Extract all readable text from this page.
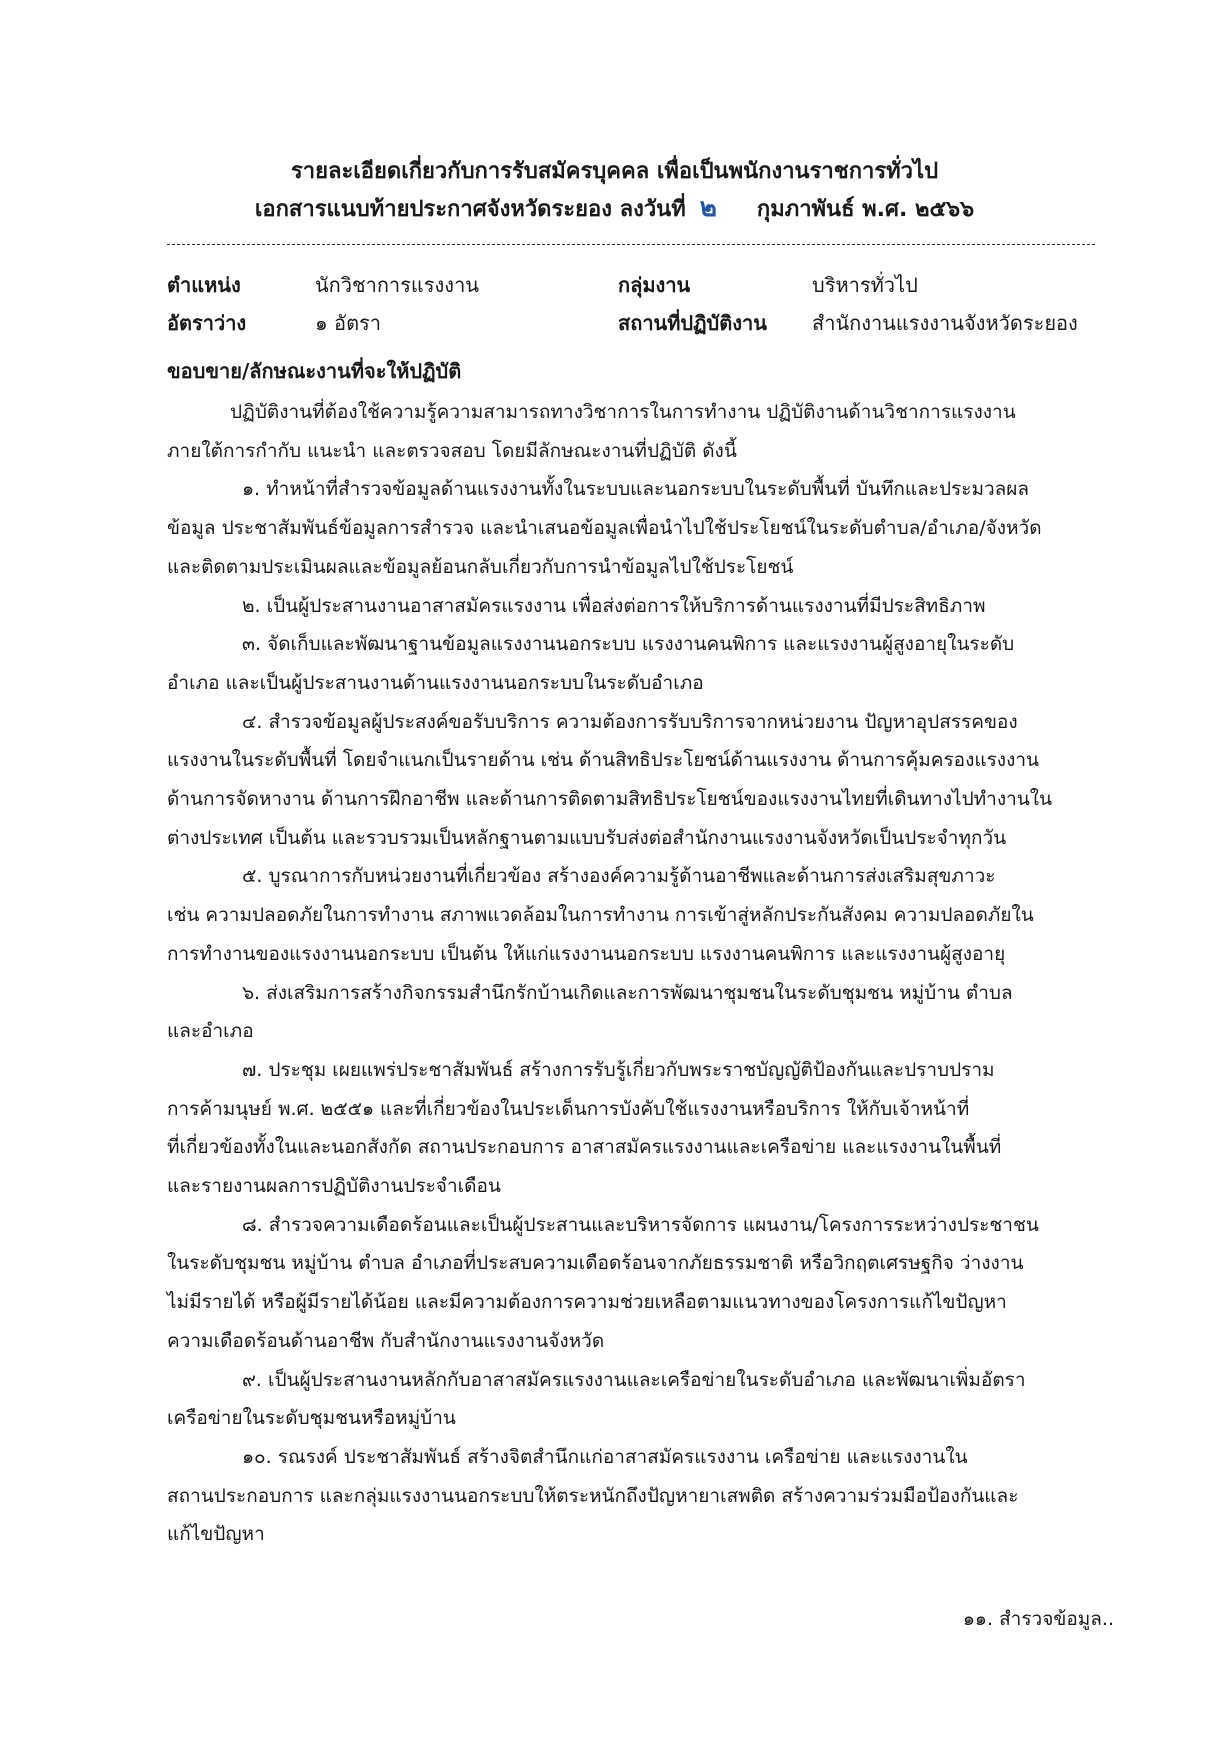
รายละเอียดเกี่ยวกับการรับสมัครบุคคล เพื่อเป็นพนักงานราชการทั่วไป
เอกสารแนบท้ายประกาศจังหวัดระยอง ลงวันที่ ๒ กุมภาพันธ์ พ.ศ. ๒๕๖๖
ตำแหน่ง	นักวิชาการแรงงาน	กลุ่มงาน	บริหารทั่วไป
อัตราว่าง	๑ อัตรา	สถานที่ปฏิบัติงาน สำนักงานแรงงานจังหวัดระยอง
ขอบขาย/ลักษณะงานที่จะให้ปฏิบัติ

ปฏิบัติงานที่ต้องใช้ความรู้ความสามารถทางวิชาการในการทำงาน ปฏิบัติงานด้านวิชาการแรงงาน

ภายใต้การกำกับ แนะนำ และตรวจสอบ โดยมีลักษณะงานที่ปฏิบัติ ดังนี้

๑. ทำหน้าที่สำรวจข้อมูลด้านแรงงานทั้งในระบบและนอกระบบในระดับพื้นที่ บันทึกและประมวลผล

ข้อมูล ประชาสัมพันธ์ข้อมูลการสำรวจ และนำเสนอข้อมูลเพื่อนำไปใช้ประโยชน์ในระดับตำบล/อำเภอ/จังหวัด

และติดตามประเมินผลและข้อมูลย้อนกลับเกี่ยวกับการนำข้อมูลไปใช้ประโยชน์

๒. เป็นผู้ประสานงานอาสาสมัครแรงงาน เพื่อส่งต่อการให้บริการด้านแรงงานที่มีประสิทธิภาพ

๓. จัดเก็บและพัฒนาฐานข้อมูลแรงงานนอกระบบ แรงงานคนพิการ และแรงงานผู้สูงอายุในระดับ

อำเภอ และเป็นผู้ประสานงานด้านแรงงานนอกระบบในระดับอำเภอ

๔. สำรวจข้อมูลผู้ประสงค์ขอรับบริการ ความต้องการรับบริการจากหน่วยงาน ปัญหาอุปสรรคของ

แรงงานในระดับพื้นที่ โดยจำแนกเป็นรายด้าน เช่น ด้านสิทธิประโยชน์ด้านแรงงาน ด้านการคุ้มครองแรงงาน

ด้านการจัดหางาน ด้านการฝึกอาชีพ และด้านการติดตามสิทธิประโยชน์ของแรงงานไทยที่เดินทางไปทำงานใน

ต่างประเทศ เป็นต้น และรวบรวมเป็นหลักฐานตามแบบรับส่งต่อสำนักงานแรงงานจังหวัดเป็นประจำทุกวัน

๕. บูรณาการกับหน่วยงานที่เกี่ยวข้อง สร้างองค์ความรู้ด้านอาชีพและด้านการส่งเสริมสุขภาวะ

เช่น ความปลอดภัยในการทำงาน สภาพแวดล้อมในการทำงาน การเข้าสู่หลักประกันสังคม ความปลอดภัยใน

การทำงานของแรงงานนอกระบบ เป็นต้น ให้แก่แรงงานนอกระบบ แรงงานคนพิการ และแรงงานผู้สูงอายุ

๖. ส่งเสริมการสร้างกิจกรรมสำนึกรักบ้านเกิดและการพัฒนาชุมชนในระดับชุมชน หมู่บ้าน ตำบล

และอำเภอ

๗. ประชุม เผยแพร่ประชาสัมพันธ์ สร้างการรับรู้เกี่ยวกับพระราชบัญญัติป้องกันและปราบปราม

การค้ามนุษย์ พ.ศ. ๒๕๕๑ และที่เกี่ยวข้องในประเด็นการบังคับใช้แรงงานหรือบริการ ให้กับเจ้าหน้าที่

ที่เกี่ยวข้องทั้งในและนอกสังกัด สถานประกอบการ อาสาสมัครแรงงานและเครือข่าย และแรงงานในพื้นที่

และรายงานผลการปฏิบัติงานประจำเดือน

๘. สำรวจความเดือดร้อนและเป็นผู้ประสานและบริหารจัดการ แผนงาน/โครงการระหว่างประชาชน

ในระดับชุมชน หมู่บ้าน ตำบล อำเภอที่ประสบความเดือดร้อนจากภัยธรรมชาติ หรือวิกฤตเศรษฐกิจ ว่างงาน

ไม่มีรายได้ หรือผู้มีรายได้น้อย และมีความต้องการความช่วยเหลือตามแนวทางของโครงการแก้ไขปัญหา

ความเดือดร้อนด้านอาชีพ กับสำนักงานแรงงานจังหวัด

๙. เป็นผู้ประสานงานหลักกับอาสาสมัครแรงงานและเครือข่ายในระดับอำเภอ และพัฒนาเพิ่มอัตรา

เครือข่ายในระดับชุมชนหรือหมู่บ้าน

๑๐. รณรงค์ ประชาสัมพันธ์ สร้างจิตสำนึกแก่อาสาสมัครแรงงาน เครือข่าย และแรงงานใน

สถานประกอบการ และกลุ่มแรงงานนอกระบบให้ตระหนักถึงปัญหายาเสพติด สร้างความร่วมมือป้องกันและ

แก้ไขปัญหา

๑๑. สำรวจข้อมูล..
